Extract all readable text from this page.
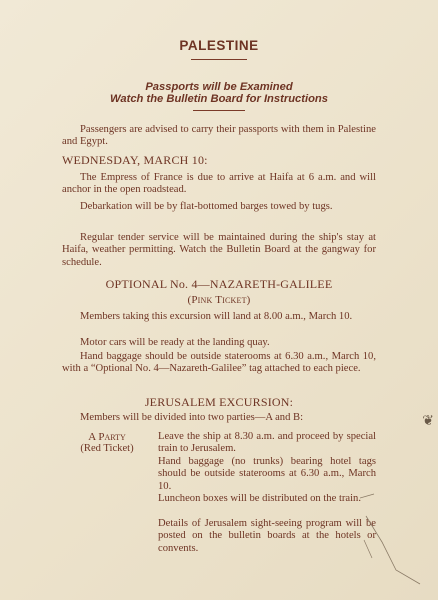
PALESTINE
Passports will be Examined
Watch the Bulletin Board for Instructions
Passengers are advised to carry their passports with them in Palestine and Egypt.
WEDNESDAY, MARCH 10:
The Empress of France is due to arrive at Haifa at 6 a.m. and will anchor in the open roadstead.
Debarkation will be by flat-bottomed barges towed by tugs.
Regular tender service will be maintained during the ship's stay at Haifa, weather permitting. Watch the Bulletin Board at the gangway for schedule.
OPTIONAL No. 4—NAZARETH-GALILEE
(Pink Ticket)
Members taking this excursion will land at 8.00 a.m., March 10.
Motor cars will be ready at the landing quay.
Hand baggage should be outside staterooms at 6.30 a.m., March 10, with a “Optional No. 4—Nazareth-Galilee” tag attached to each piece.
JERUSALEM EXCURSION:
Members will be divided into two parties—A and B:
A Party
(Red Ticket)
Leave the ship at 8.30 a.m. and proceed by special train to Jerusalem.
Hand baggage (no trunks) bearing hotel tags should be outside staterooms at 6.30 a.m., March 10.
Luncheon boxes will be distributed on the train.
Details of Jerusalem sight-seeing program will be posted on the bulletin boards at the hotels or convents.
❦
